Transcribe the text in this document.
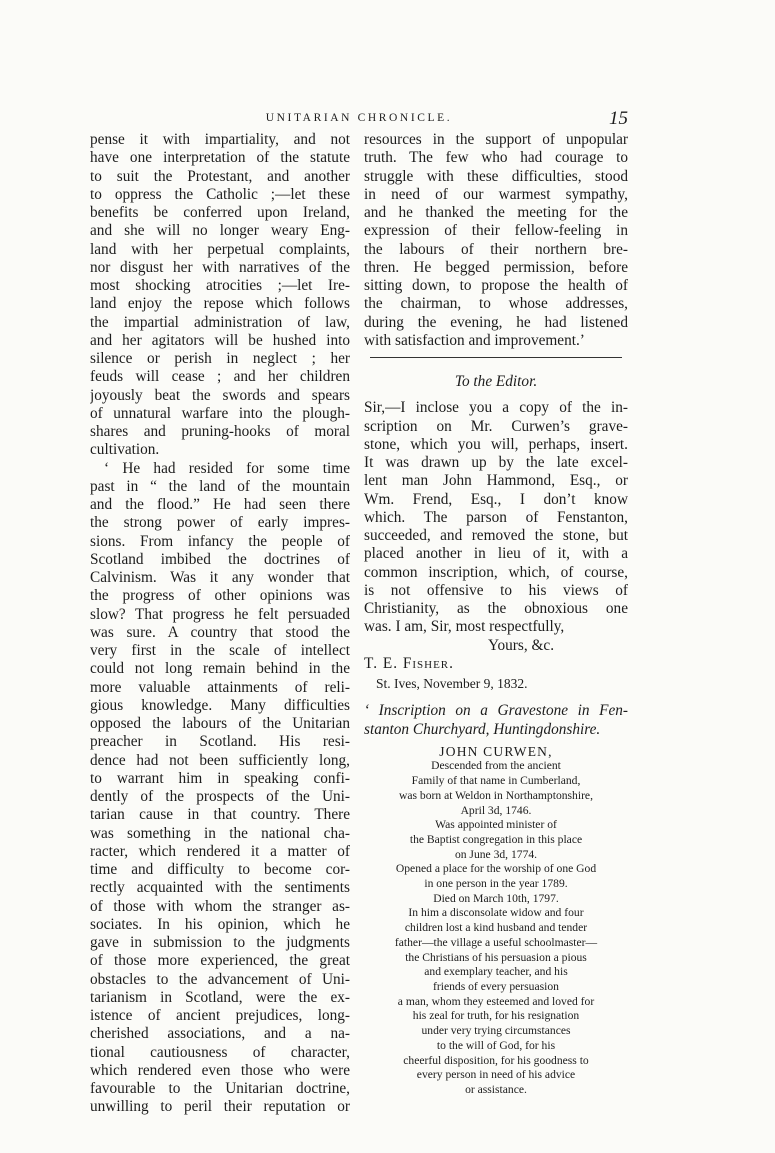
UNITARIAN CHRONICLE.	15
pense it with impartiality, and not
have one interpretation of the statute
to suit the Protestant, and another
to oppress the Catholic ;—let these
benefits be conferred upon Ireland,
and she will no longer weary Eng-
land with her perpetual complaints,
nor disgust her with narratives of the
most shocking atrocities ;—let Ire-
land enjoy the repose which follows
the impartial administration of law,
and her agitators will be hushed into
silence or perish in neglect ; her
feuds will cease ; and her children
joyously beat the swords and spears
of unnatural warfare into the plough-
shares and pruning-hooks of moral
cultivation.
‘ He had resided for some time
past in “ the land of the mountain
and the flood.” He had seen there
the strong power of early impres-
sions. From infancy the people of
Scotland imbibed the doctrines of
Calvinism. Was it any wonder that
the progress of other opinions was
slow? That progress he felt persuaded
was sure. A country that stood the
very first in the scale of intellect
could not long remain behind in the
more valuable attainments of reli-
gious knowledge. Many difficulties
opposed the labours of the Unitarian
preacher in Scotland. His resi-
dence had not been sufficiently long,
to warrant him in speaking confi-
dently of the prospects of the Uni-
tarian cause in that country. There
was something in the national cha-
racter, which rendered it a matter of
time and difficulty to become cor-
rectly acquainted with the sentiments
of those with whom the stranger as-
sociates. In his opinion, which he
gave in submission to the judgments
of those more experienced, the great
obstacles to the advancement of Uni-
tarianism in Scotland, were the ex-
istence of ancient prejudices, long-
cherished associations, and a na-
tional cautiousness of character,
which rendered even those who were
favourable to the Unitarian doctrine,
unwilling to peril their reputation or
resources in the support of unpopular
truth. The few who had courage to
struggle with these difficulties, stood
in need of our warmest sympathy,
and he thanked the meeting for the
expression of their fellow-feeling in
the labours of their northern bre-
thren. He begged permission, before
sitting down, to propose the health of
the chairman, to whose addresses,
during the evening, he had listened
with satisfaction and improvement.’
To the Editor.
Sir,—I inclose you a copy of the in-
scription on Mr. Curwen’s grave-
stone, which you will, perhaps, insert.
It was drawn up by the late excel-
lent man John Hammond, Esq., or
Wm. Frend, Esq., I don’t know
which. The parson of Fenstanton,
succeeded, and removed the stone, but
placed another in lieu of it, with a
common inscription, which, of course,
is not offensive to his views of
Christianity, as the obnoxious one
was. I am, Sir, most respectfully,
Yours, &c.
T. E. Fisher.
St. Ives, November 9, 1832.
‘ Inscription on a Gravestone in Fen-
stanton Churchyard, Huntingdonshire.
JOHN CURWEN,
Descended from the ancient
Family of that name in Cumberland,
was born at Weldon in Northamptonshire,
April 3d, 1746.
Was appointed minister of
the Baptist congregation in this place
on June 3d, 1774.
Opened a place for the worship of one God
in one person in the year 1789.
Died on March 10th, 1797.
In him a disconsolate widow and four
children lost a kind husband and tender
father—the village a useful schoolmaster—
the Christians of his persuasion a pious
and exemplary teacher, and his
friends of every persuasion
a man, whom they esteemed and loved for
his zeal for truth, for his resignation
under very trying circumstances
to the will of God, for his
cheerful disposition, for his goodness to
every person in need of his advice
or assistance.
